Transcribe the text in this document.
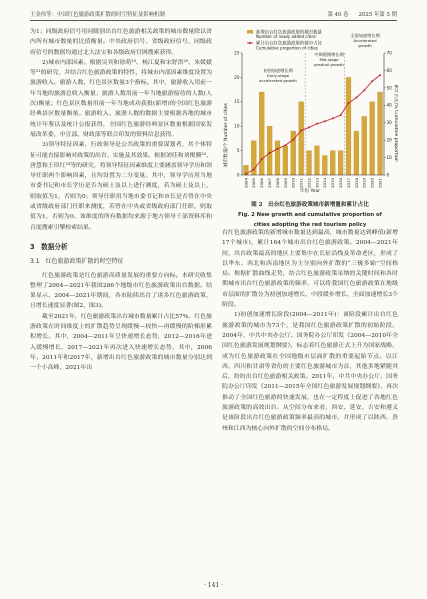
王金伟等：中国红色旅游政策扩散的时空特征及影响机制	第 40 卷 2025 年第 5 期

为1；同级政府信号用同级别出台红色旅游相关政策的城市数量除以省内所有城市数量的比值衡量。中央政府信号、省级政府信号、同级政府信号的数据均通过北大法宝和各级政府官网搜索获得。

2)城市内部因素。根据吴宾和徐萌¹⁹、杨江夏和宋舒洪²⁰、朱媛媛等²¹的研究，并结合红色旅游政策的特性，将城市内部因素维度设置为旅游收入、旅游人数、红色景区数量3个指标。其中，旅游收入用前一年当地的旅游总收入衡量；旅游人数用前一年当地旅游接待的人数(人次)衡量；红色景区数量用前一年当地成功获批(新增)的全国红色旅游经典景区数量衡量。旅游收入、旅游人数的数据主要根据各地的城市统计年鉴以及统计公报获得，全国红色旅游经典景区数量根据国家发展改革委、中宣部、财政部等联合印发的资料信息获得。

3)领导特征因素。行政领导是公共政策的重要谋划者，其个体特征可能直接影响对政策的出台、实施及其效果。根据刘佳和刘俊腾²²、唐慧和王印红²³等的研究，将领导特征因素维度主要涵盖领导学历和领导任职两个影响因素，且均设置为二分变量。其中，领导学历用当地市委书记和市长学历是否为硕士及以上进行测度，若为硕士及以上，则取值为1，否则为0；领导任职用当地市委书记和市长是否曾在中央或省级政府部门任职来测度，若曾在中央或省级政府部门任职，则取值为1，否则为0。该维度的所有数据均来源于地方领导干部资料库和百度搜索引擎检索结果。

3　数据分析
3.1　红色旅游政策扩散的时空特征

红色旅游政策是红色旅游高质量发展的重要方向标。本研究收集整理了2004—2021年我国286个地级市红色旅游政策出台数据。结果显示，2004—2021年期间，各市陆续出台了诸多红色旅游政策，且增长速度显著(图2、图3)。

截至2021年，红色旅游政策出台城市数量累计占比57%。红色旅游政策在时间维度上的扩散趋势呈现缓慢—较快—再缓慢的阶梯形累积增长。其中，2004—2011年呈快速增长态势，2012—2016年进入缓慢增长，2017—2021年再次进入快速增长态势，其中，2006年、2011年和2017年，新增出台红色旅游政策的城市数量分别达到一个小高峰，2021年出

2004 2005 2006 2007 2008 2009 2010 2011 2012 2013 2014 2015 2016 2017 2018 2019 2020 2021
0
5
10
15
20
25
0
10
20
30
40
50
60
70
新增出台红色旅游政策的城市数量
Number of newly added cities
累计出台红色旅游政策的城市占比
Cumulative proportion of cities
初创加速增长期
Early-stage
accelerated growth
中期缓慢增长期
Mid-stage
gradual growth
全面加速增长期
Accelerated
growth
城市数量/个 Number of cities	累计占比/% Cumulative proportion
年份 Year
图 2　出台红色旅游政策城市新增量和累计占比
Fig. 2 New growth and cumulative proportion of
cities adopting the red tourism policy

台红色旅游政策的新增城市数量达到最高，城市数量达到峰值(新增17个城市)，累计164个城市出台红色旅游政策。2004—2021年间，出台政策最高的地区主要集中在长征沿线及革命老区，形成了以华东、西北和西南地区为主分别向外扩散的“三极多轴”空间格局。根据扩散曲线走势，结合红色旅游政策采纳的关键时间和各时期城市出台红色旅游政策的频率，可以将我国红色旅游政策在地级市层面的扩散分为初创加速增长、中段缓步增长、全面加速增长3个阶段。

1)初创加速增长阶段(2004—2011年)：该阶段累计出台红色旅游政策的城市为73个，是我国红色旅游政策扩散的初始阶段。2004年，中共中央办公厅、国务院办公厅印发《2004—2010年全国红色旅游发展规划纲要》，标志着红色旅游正式上升为国家战略，成为红色旅游政策在全国地级市层面扩散的重要起始节点。以江西、四川和甘肃等省份的主要红色旅游城市为首，其他多地紧随其后，纷纷出台红色旅游相关政策。2011年，中共中央办公厅、国务院办公厅印发《2011—2015年全国红色旅游发展规划纲要》，再次推动了全国红色旅游的快速发展，也在一定程度上促进了各地红色旅游政策的高效出台。从空间分布来看，西安、延安、吉安和遵义是该阶段出台红色旅游政策频率最高的城市，并形成了以陕西、贵州和江西为核心向外扩散的空间分布格局。

· 141 ·
